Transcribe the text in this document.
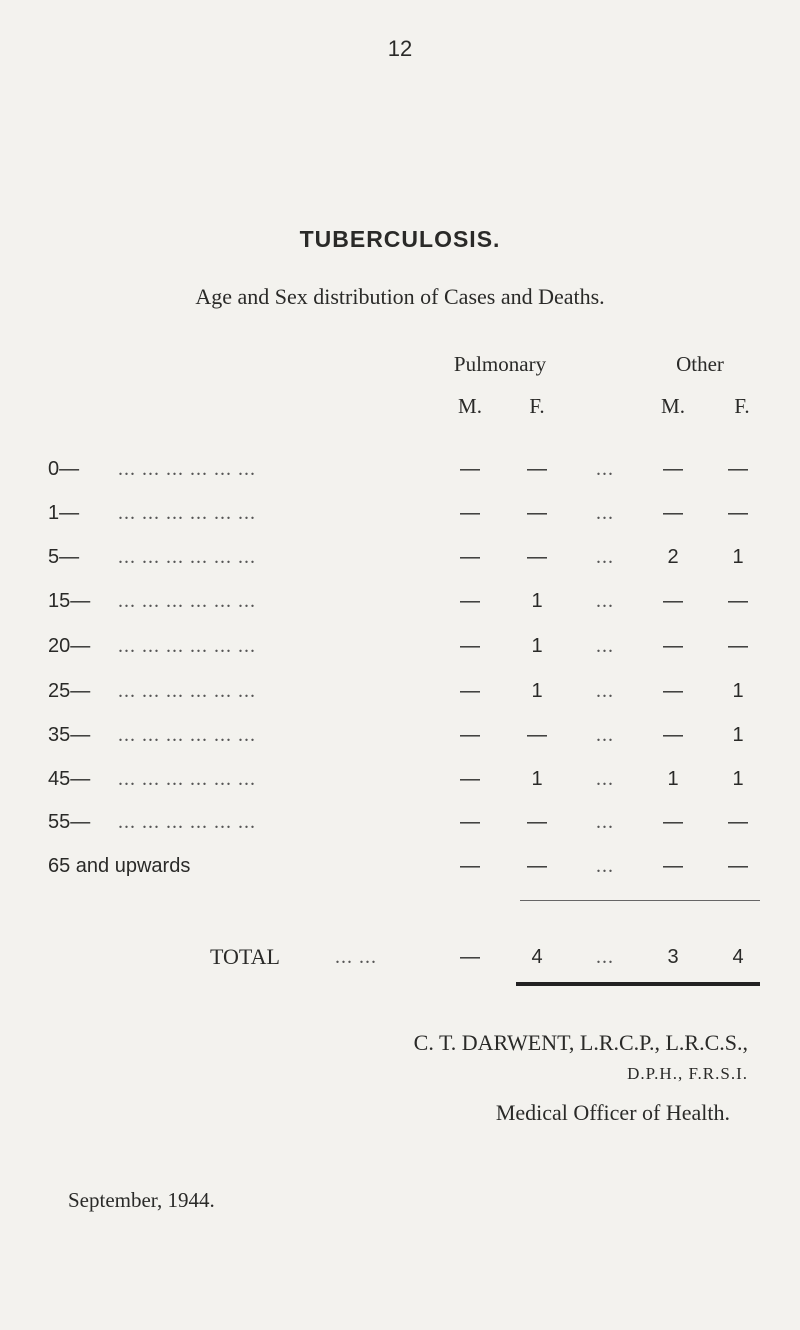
12
TUBERCULOSIS.
Age and Sex distribution of Cases and Deaths.
Pulmonary	Other
M.	F.	M.	F.
0— ... ... ... ... ... ...	—	—	...	—	—
1— ... ... ... ... ... ...	—	—	...	—	—
5— ... ... ... ... ... ...	—	—	...	2	1
15— ... ... ... ... ... ...	—	1	...	—	—
20— ... ... ... ... ... ...	—	1	...	—	—
25— ... ... ... ... ... ...	—	1	...	—	1
35— ... ... ... ... ... ...	—	—	...	—	1
45— ... ... ... ... ... ...	—	1	...	1	1
55— ... ... ... ... ... ...	—	—	...	—	—
65 and upwards	—	—	...	—	—
TOTAL	... ...	—	4	...	3	4
C. T. DARWENT, L.R.C.P., L.R.C.S.,
D.P.H., F.R.S.I.
Medical Officer of Health.
September, 1944.
